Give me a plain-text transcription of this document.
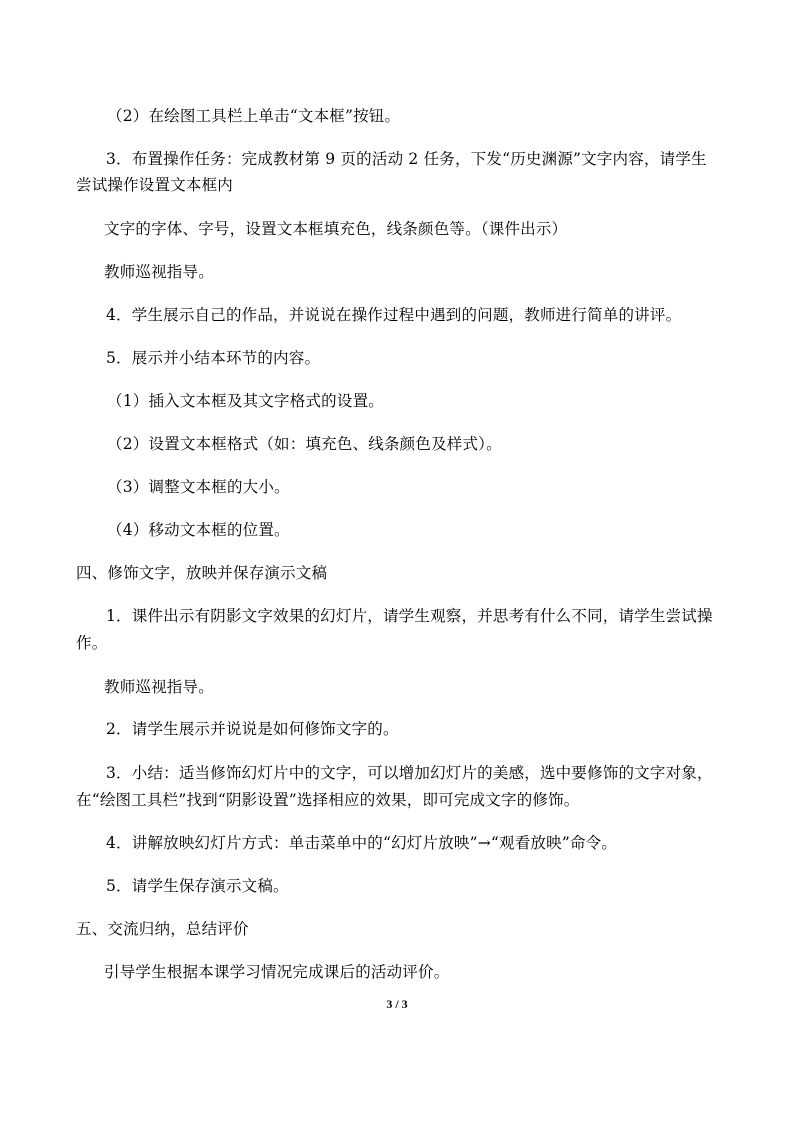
（2）在绘图工具栏上单击“文本框”按钮。
3．布置操作任务：完成教材第 9 页的活动 2 任务，下发“历史渊源”文字内容，请学生
尝试操作设置文本框内
文字的字体、字号，设置文本框填充色，线条颜色等。（课件出示）
教师巡视指导。
4．学生展示自己的作品，并说说在操作过程中遇到的问题，教师进行简单的讲评。
5．展示并小结本环节的内容。
（1）插入文本框及其文字格式的设置。
（2）设置文本框格式（如：填充色、线条颜色及样式）。
（3）调整文本框的大小。
（4）移动文本框的位置。
四、修饰文字，放映并保存演示文稿
1．课件出示有阴影文字效果的幻灯片，请学生观察，并思考有什么不同，请学生尝试操
作。
教师巡视指导。
2．请学生展示并说说是如何修饰文字的。
3．小结：适当修饰幻灯片中的文字，可以增加幻灯片的美感，选中要修饰的文字对象，
在“绘图工具栏”找到“阴影设置”选择相应的效果，即可完成文字的修饰。
4．讲解放映幻灯片方式：单击菜单中的“幻灯片放映”→“观看放映”命令。
5．请学生保存演示文稿。
五、交流归纳，总结评价
引导学生根据本课学习情况完成课后的活动评价。
3 / 3
